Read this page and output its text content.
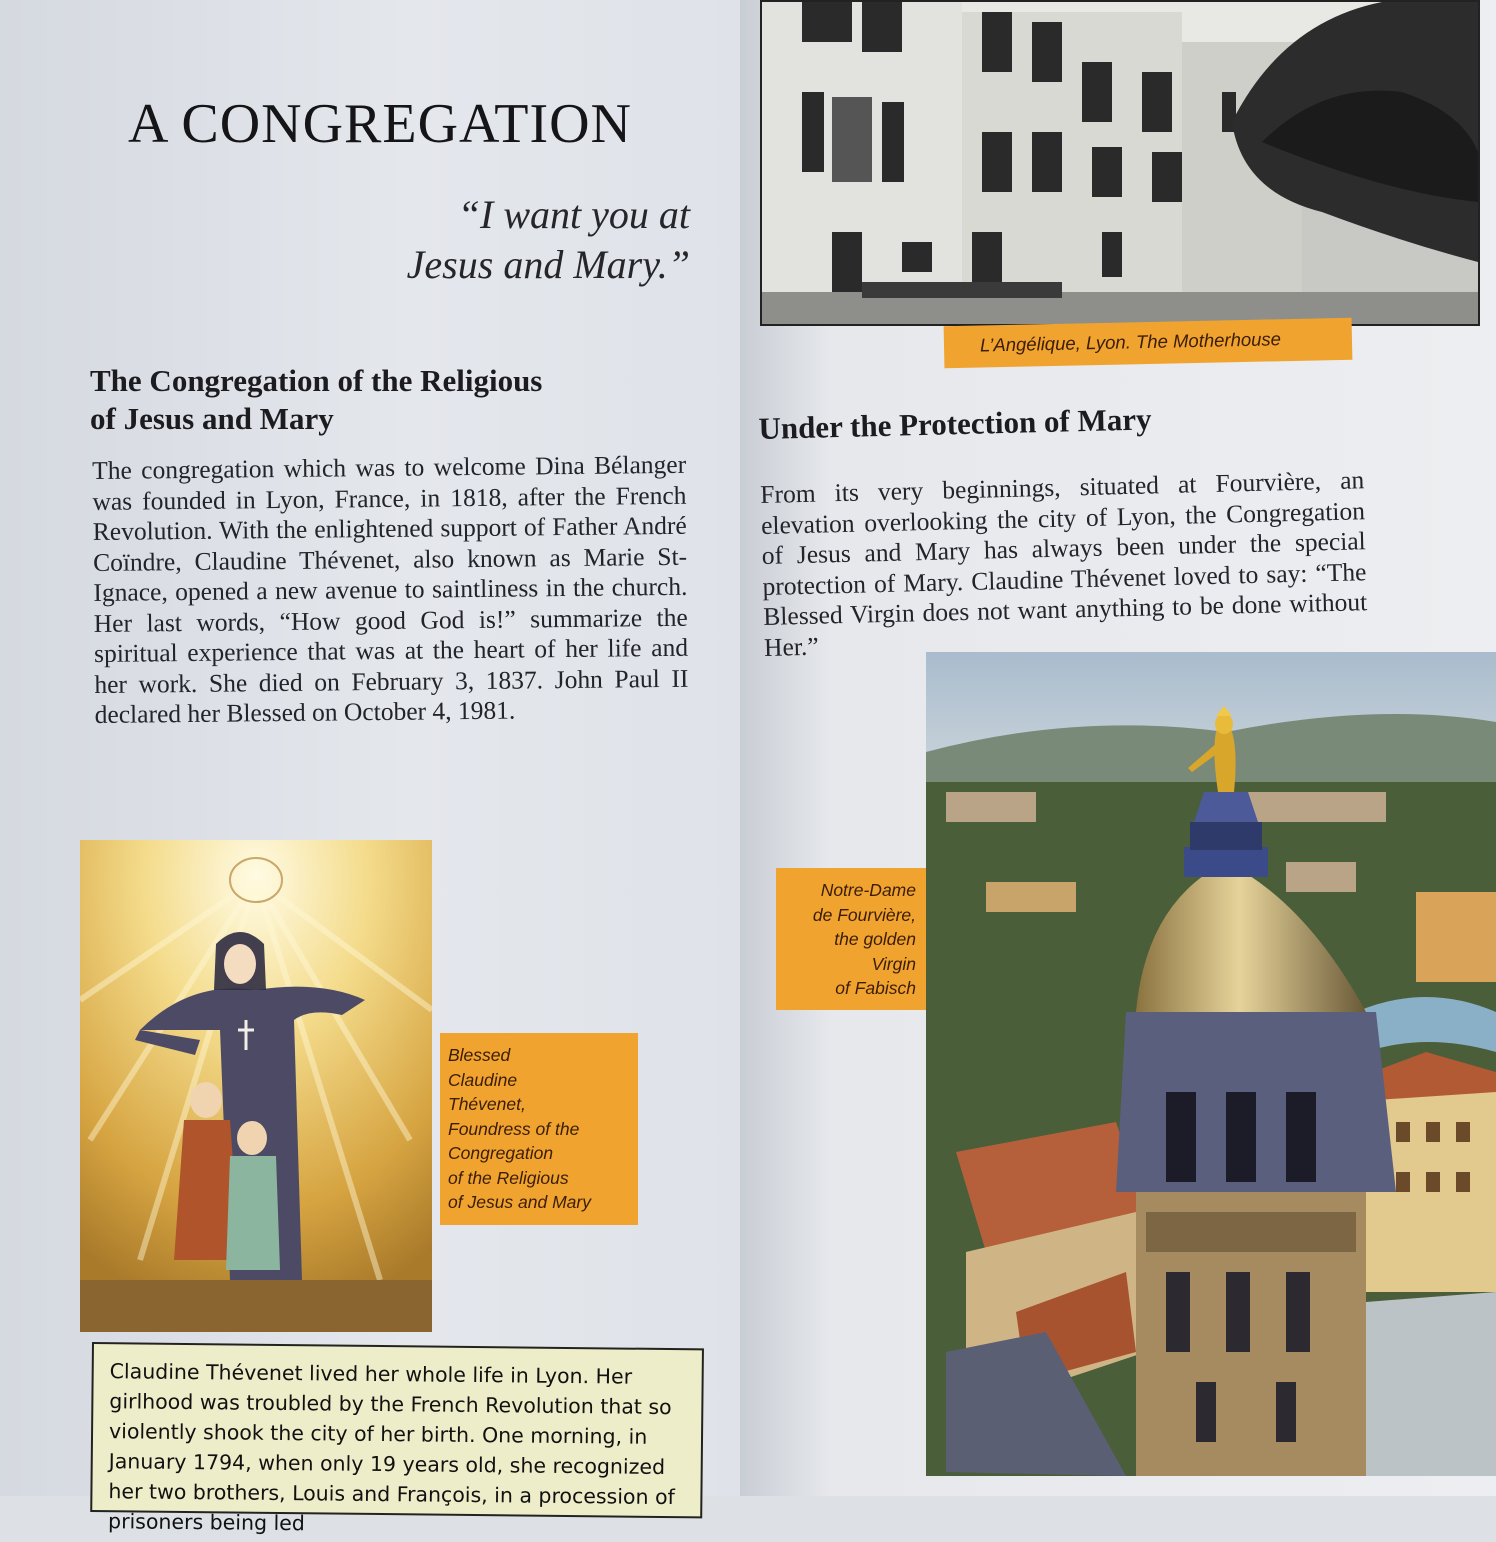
A CONGREGATION
“I want you at
Jesus and Mary.”
The Congregation of the Religious
of Jesus and Mary

The congregation which was to welcome Dina Bélanger was founded in Lyon, France, in 1818, after the French Revolution. With the enlightened support of Father André Coïndre, Claudine Thévenet, also known as Marie St-Ignace, opened a new avenue to saintliness in the church. Her last words, “How good God is!” summarize the spiritual experience that was at the heart of her life and her work. She died on February 3, 1837. John Paul II declared her Blessed on October 4, 1981.

Blessed
Claudine
Thévenet,
Foundress of the
Congregation
of the Religious
of Jesus and Mary
Claudine Thévenet lived her whole life in Lyon. Her girlhood was troubled by the French Revolution that so violently shook the city of her birth. One morning, in January 1794, when only 19 years old, she recognized her two brothers, Louis and François, in a procession of prisoners being led
L’Angélique, Lyon. The Motherhouse
Under the Protection of Mary

From its very beginnings, situated at Fourvière, an elevation overlooking the city of Lyon, the Congregation of Jesus and Mary has always been under the special protection of Mary. Claudine Thévenet loved to say: “The Blessed Virgin does not want anything to be done without Her.”

Notre-Dame
de Fourvière,
the golden
Virgin
of Fabisch
